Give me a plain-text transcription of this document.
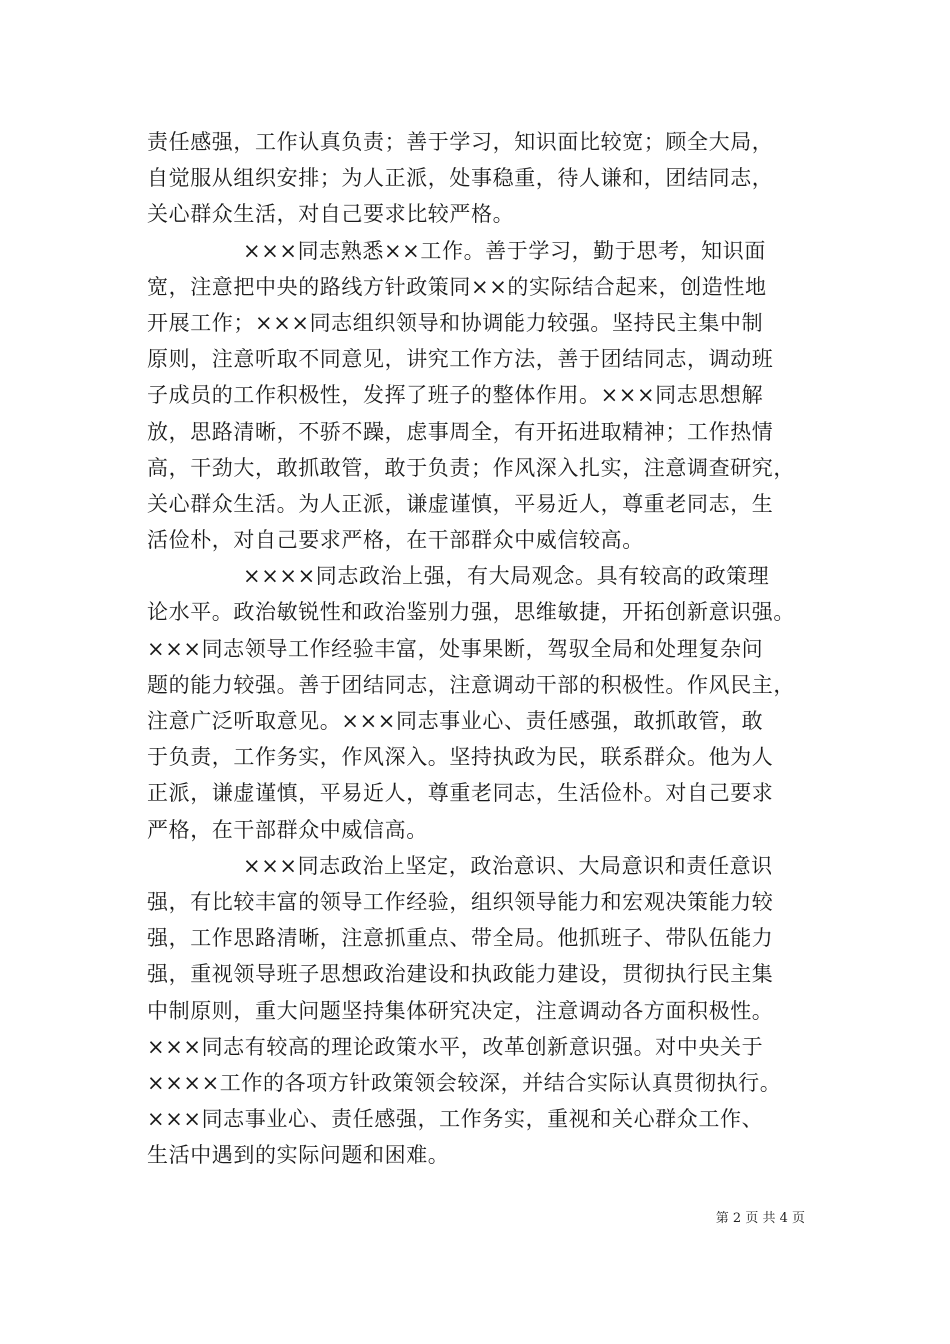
责任感强，工作认真负责；善于学习，知识面比较宽；顾全大局，
自觉服从组织安排；为人正派，处事稳重，待人谦和，团结同志，
关心群众生活，对自己要求比较严格。
×××同志熟悉××工作。善于学习，勤于思考，知识面
宽，注意把中央的路线方针政策同××的实际结合起来，创造性地
开展工作；×××同志组织领导和协调能力较强。坚持民主集中制
原则，注意听取不同意见，讲究工作方法，善于团结同志，调动班
子成员的工作积极性，发挥了班子的整体作用。×××同志思想解
放，思路清晰，不骄不躁，虑事周全，有开拓进取精神；工作热情
高，干劲大，敢抓敢管，敢于负责；作风深入扎实，注意调查研究，
关心群众生活。为人正派，谦虚谨慎，平易近人，尊重老同志，生
活俭朴，对自己要求严格，在干部群众中威信较高。
××××同志政治上强，有大局观念。具有较高的政策理
论水平。政治敏锐性和政治鉴别力强，思维敏捷，开拓创新意识强。
×××同志领导工作经验丰富，处事果断，驾驭全局和处理复杂问
题的能力较强。善于团结同志，注意调动干部的积极性。作风民主，
注意广泛听取意见。×××同志事业心、责任感强，敢抓敢管，敢
于负责，工作务实，作风深入。坚持执政为民，联系群众。他为人
正派，谦虚谨慎，平易近人，尊重老同志，生活俭朴。对自己要求
严格，在干部群众中威信高。
×××同志政治上坚定，政治意识、大局意识和责任意识
强，有比较丰富的领导工作经验，组织领导能力和宏观决策能力较
强，工作思路清晰，注意抓重点、带全局。他抓班子、带队伍能力
强，重视领导班子思想政治建设和执政能力建设，贯彻执行民主集
中制原则，重大问题坚持集体研究决定，注意调动各方面积极性。
×××同志有较高的理论政策水平，改革创新意识强。对中央关于
××××工作的各项方针政策领会较深，并结合实际认真贯彻执行。
×××同志事业心、责任感强，工作务实，重视和关心群众工作、
生活中遇到的实际问题和困难。
第 2 页 共 4 页
